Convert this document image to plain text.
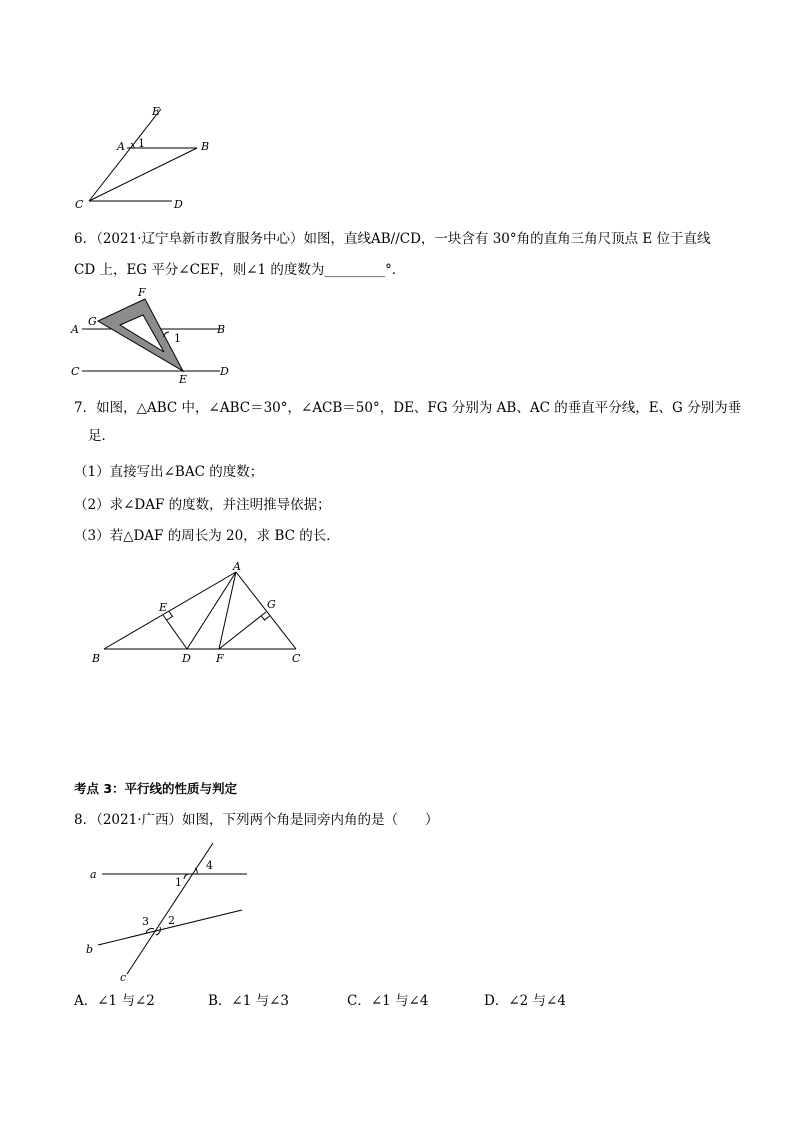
E
A 1	B
C	D
6．（2021·辽宁阜新市教育服务中心）如图，直线AB//CD，一块含有 30°角的直角三角尺顶点 E 位于直线
CD 上，EG 平分∠CEF，则∠1 的度数为_________°．
F
G
A	B
1
C
E
D
7．如图，△ABC 中，∠ABC＝30°，∠ACB＝50°，DE、FG 分别为 AB、AC 的垂直平分线，E、G 分别为垂
足．
（1）直接写出∠BAC 的度数；
（2）求∠DAF 的度数，并注明推导依据；
（3）若△DAF 的周长为 20，求 BC 的长．
A
E	G
B	D F	C
考点 3：平行线的性质与判定
8．（2021·广西）如图，下列两个角是同旁内角的是（　　）
a
b
c
1
4
3 2
A．∠1 与∠2	B．∠1 与∠3	C．∠1 与∠4	D．∠2 与∠4
